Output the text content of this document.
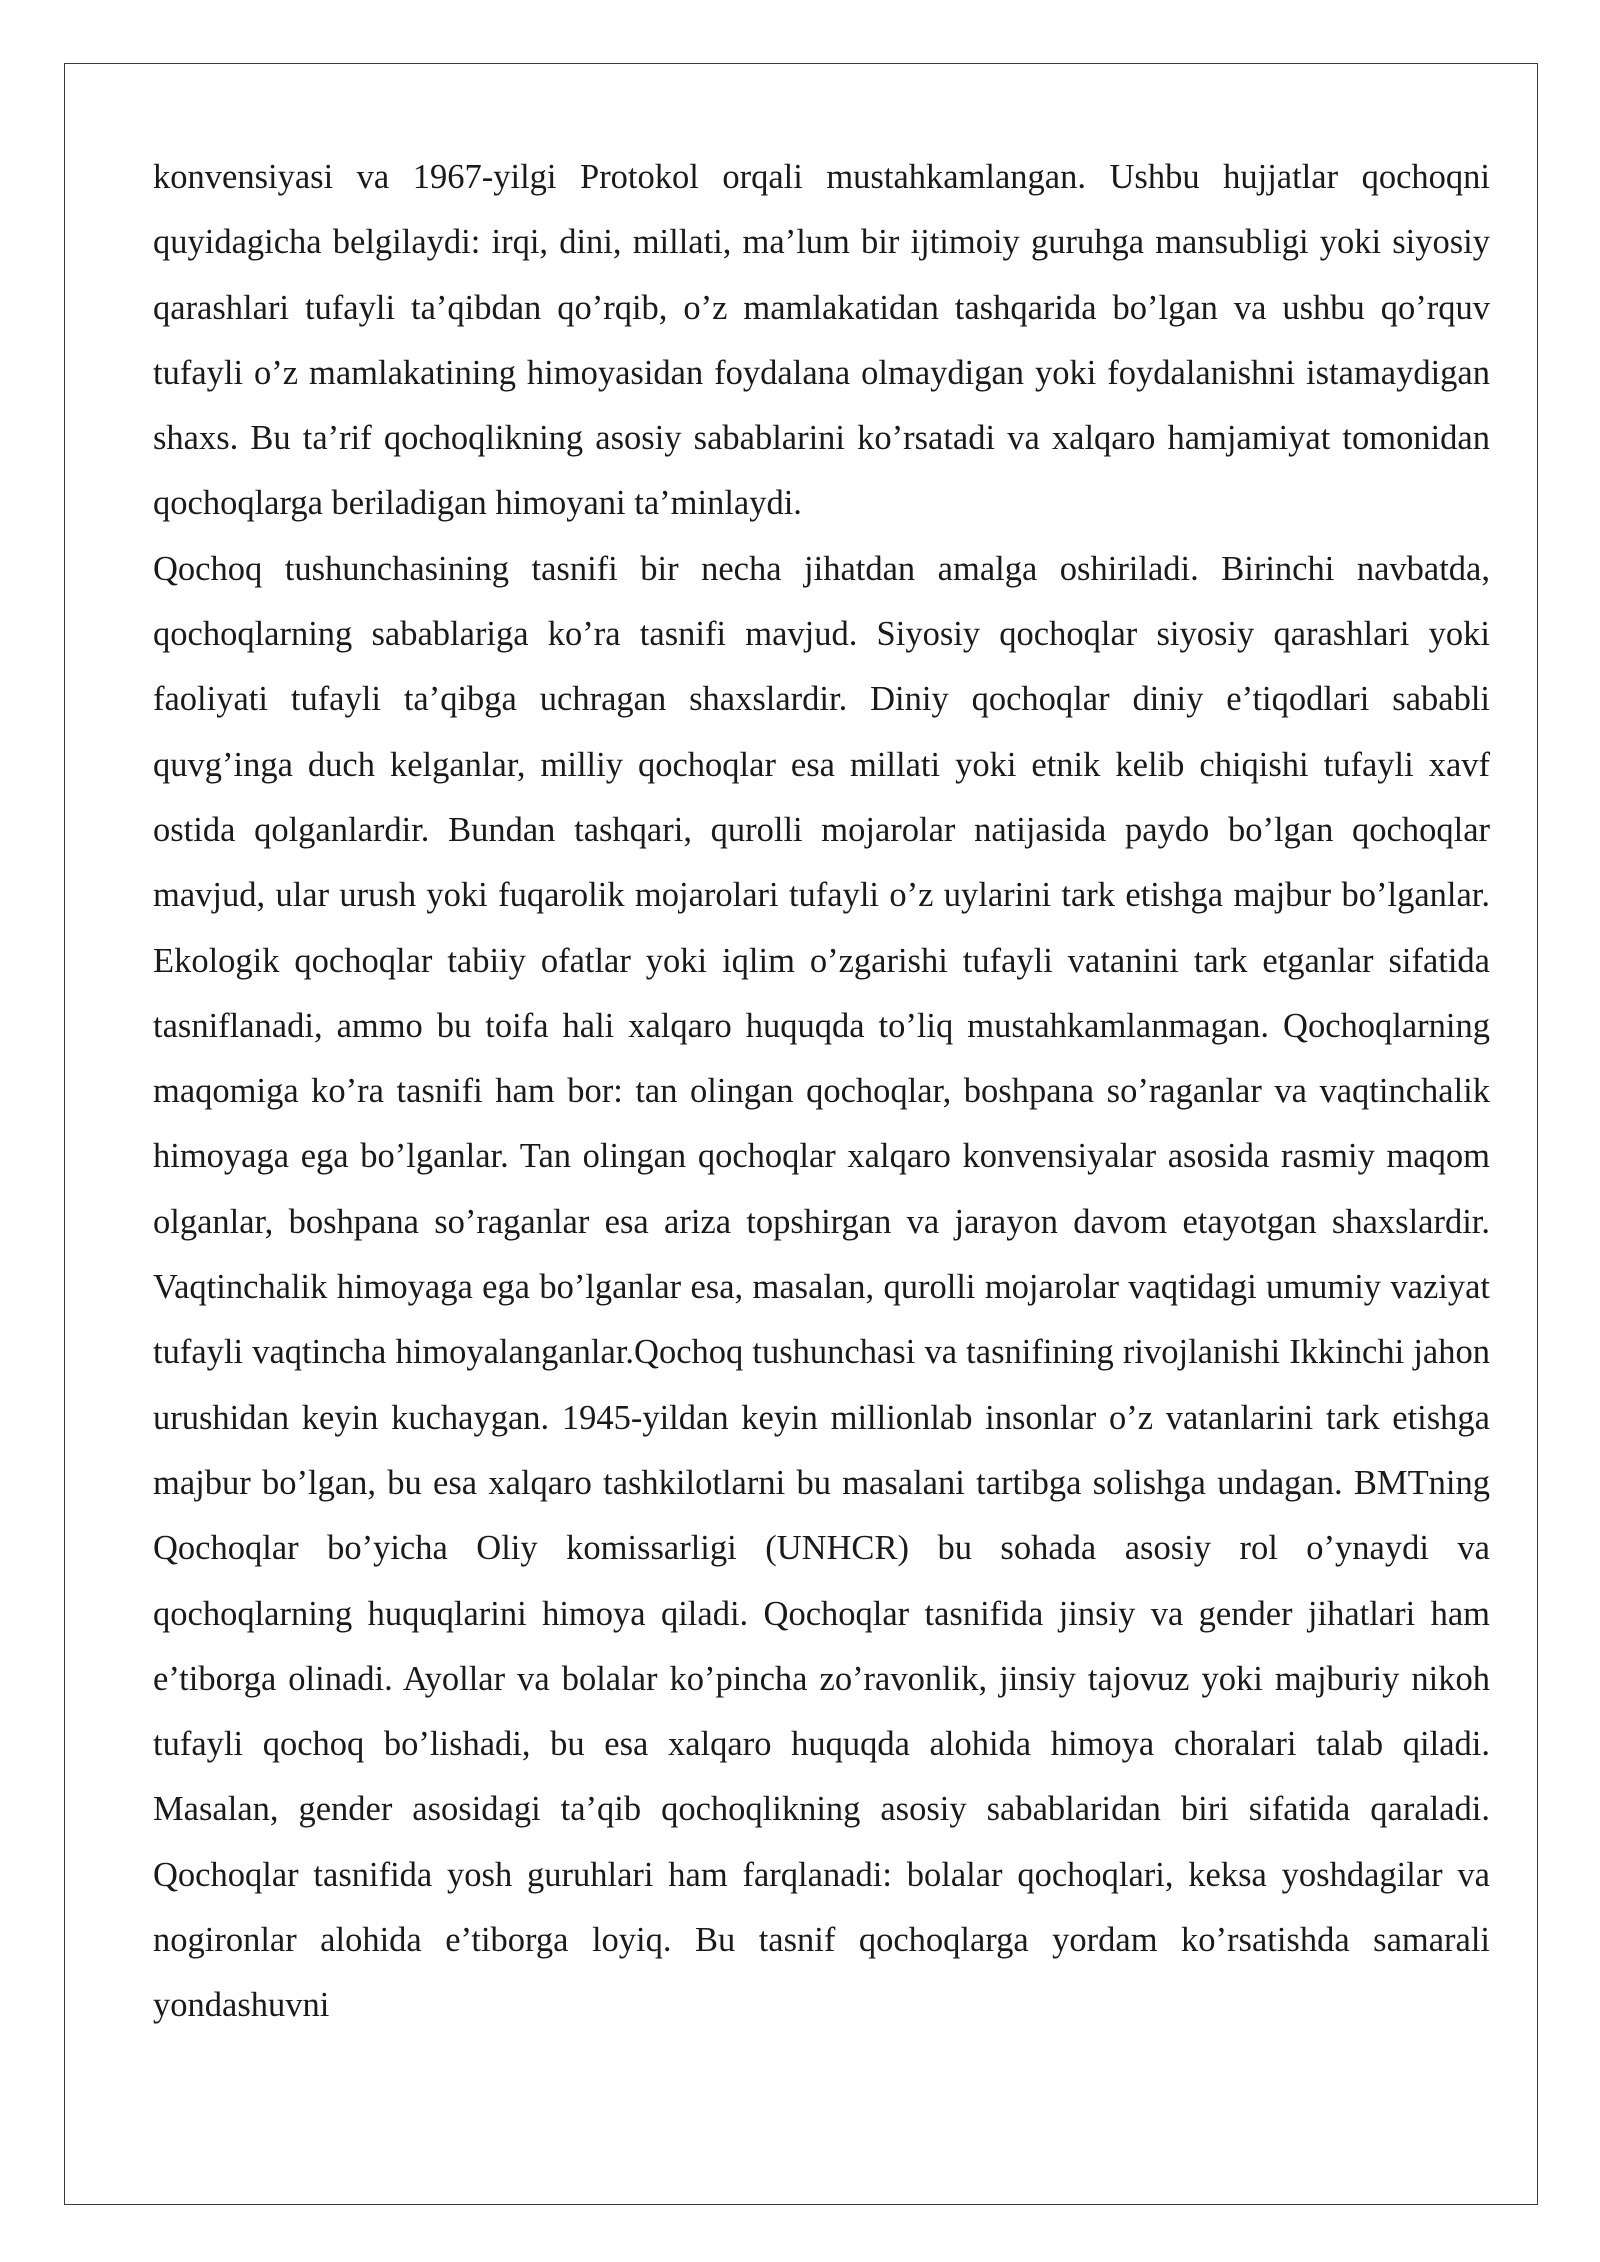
konvensiyasi va 1967-yilgi Protokol orqali mustahkamlangan. Ushbu hujjatlar qochoqni quyidagicha belgilaydi: irqi, dini, millati, ma’lum bir ijtimoiy guruhga mansubligi yoki siyosiy qarashlari tufayli ta’qibdan qo’rqib, o’z mamlakatidan tashqarida bo’lgan va ushbu qo’rquv tufayli o’z mamlakatining himoyasidan foydalana olmaydigan yoki foydalanishni istamaydigan shaxs. Bu ta’rif qochoqlikning asosiy sabablarini ko’rsatadi va xalqaro hamjamiyat tomonidan qochoqlarga beriladigan himoyani ta’minlaydi.

Qochoq tushunchasining tasnifi bir necha jihatdan amalga oshiriladi. Birinchi navbatda, qochoqlarning sabablariga ko’ra tasnifi mavjud. Siyosiy qochoqlar siyosiy qarashlari yoki faoliyati tufayli ta’qibga uchragan shaxslardir. Diniy qochoqlar diniy e’tiqodlari sababli quvg’inga duch kelganlar, milliy qochoqlar esa millati yoki etnik kelib chiqishi tufayli xavf ostida qolganlardir. Bundan tashqari, qurolli mojarolar natijasida paydo bo’lgan qochoqlar mavjud, ular urush yoki fuqarolik mojarolari tufayli o’z uylarini tark etishga majbur bo’lganlar. Ekologik qochoqlar tabiiy ofatlar yoki iqlim o’zgarishi tufayli vatanini tark etganlar sifatida tasniflanadi, ammo bu toifa hali xalqaro huquqda to’liq mustahkamlanmagan. Qochoqlarning maqomiga ko’ra tasnifi ham bor: tan olingan qochoqlar, boshpana so’raganlar va vaqtinchalik himoyaga ega bo’lganlar. Tan olingan qochoqlar xalqaro konvensiyalar asosida rasmiy maqom olganlar, boshpana so’raganlar esa ariza topshirgan va jarayon davom etayotgan shaxslardir. Vaqtinchalik himoyaga ega bo’lganlar esa, masalan, qurolli mojarolar vaqtidagi umumiy vaziyat tufayli vaqtincha himoyalanganlar.Qochoq tushunchasi va tasnifining rivojlanishi Ikkinchi jahon urushidan keyin kuchaygan. 1945-yildan keyin millionlab insonlar o’z vatanlarini tark etishga majbur bo’lgan, bu esa xalqaro tashkilotlarni bu masalani tartibga solishga undagan. BMTning Qochoqlar bo’yicha Oliy komissarligi (UNHCR) bu sohada asosiy rol o’ynaydi va qochoqlarning huquqlarini himoya qiladi. Qochoqlar tasnifida jinsiy va gender jihatlari ham e’tiborga olinadi. Ayollar va bolalar ko’pincha zo’ravonlik, jinsiy tajovuz yoki majburiy nikoh tufayli qochoq bo’lishadi, bu esa xalqaro huquqda alohida himoya choralari talab qiladi. Masalan, gender asosidagi ta’qib qochoqlikning asosiy sabablaridan biri sifatida qaraladi. Qochoqlar tasnifida yosh guruhlari ham farqlanadi: bolalar qochoqlari, keksa yoshdagilar va nogironlar alohida e’tiborga loyiq. Bu tasnif qochoqlarga yordam ko’rsatishda samarali yondashuvni
